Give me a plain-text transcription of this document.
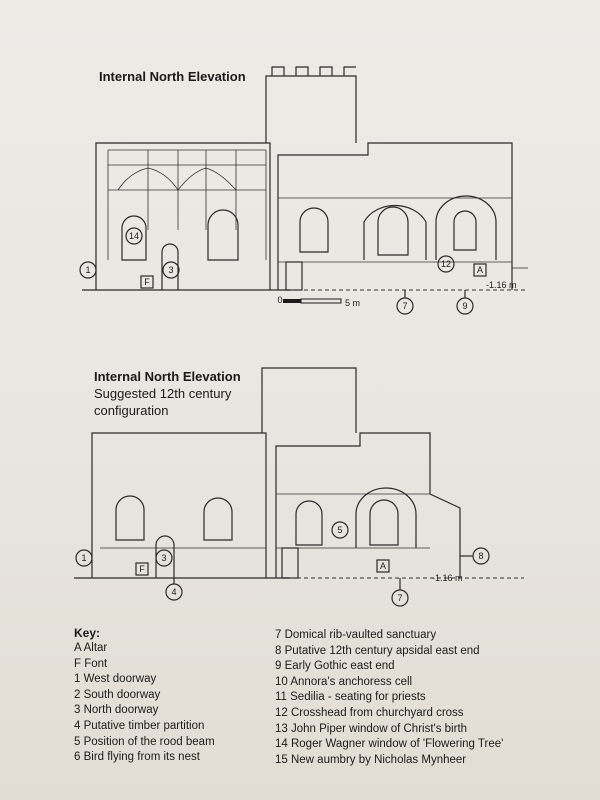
Internal North Elevation
1	3
14
12
7	9
F
A
0	5 m
-1.16 m
1	3
4
5
8
7
F	A
-1.16 m
Internal North Elevation
Suggested 12th century
configuration
Key:
A Altar
F Font
1 West doorway
2 South doorway
3 North doorway
4 Putative timber partition
5 Position of the rood beam
6 Bird flying from its nest
7 Domical rib-vaulted sanctuary
8 Putative 12th century apsidal east end
9 Early Gothic east end
10 Annora's anchoress cell
11 Sedilia - seating for priests
12 Crosshead from churchyard cross
13 John Piper window of Christ's birth
14 Roger Wagner window of 'Flowering Tree'
15 New aumbry by Nicholas Mynheer
